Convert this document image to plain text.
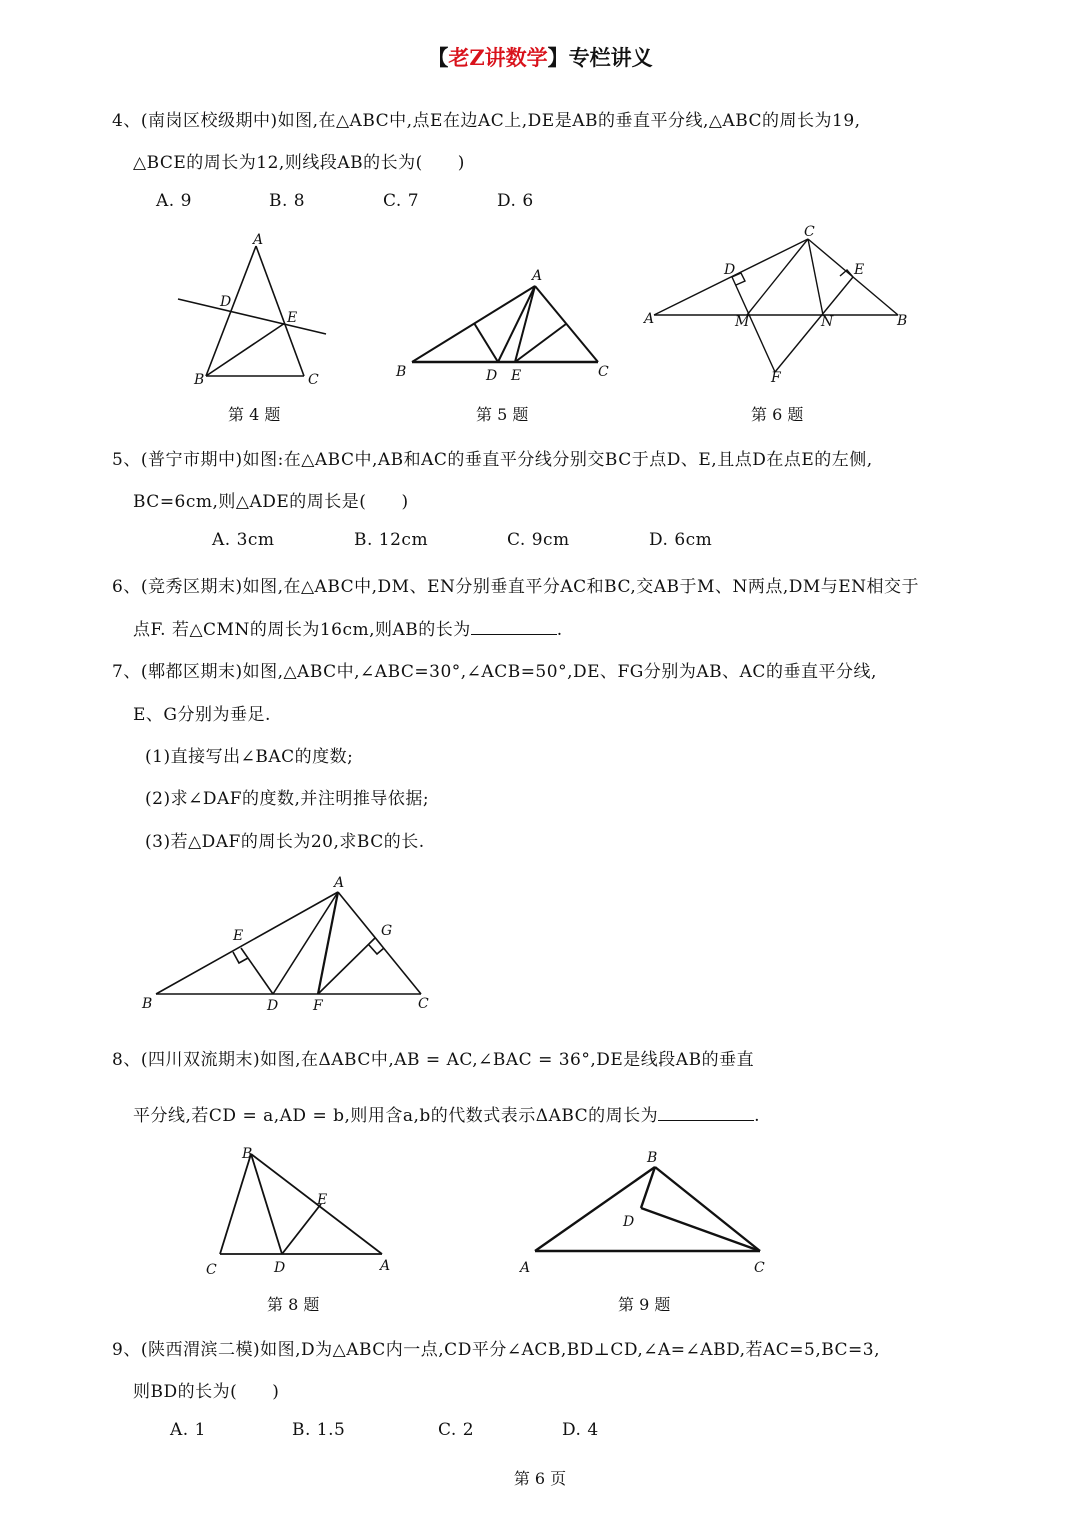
【老Z讲数学】专栏讲义
4、(南岗区校级期中)如图,在△ABC中,点E在边AC上,DE是AB的垂直平分线,△ABC的周长为19,
△BCE的周长为12,则线段AB的长为(　　)
A. 9	B. 8	C. 7	D. 6
A
D
E
B	C
第 4 题
A
B	D E	C
第 5 题
C
D	E
A	M	N	B
F
第 6 题
5、(普宁市期中)如图:在△ABC中,AB和AC的垂直平分线分别交BC于点D、E,且点D在点E的左侧,
BC=6cm,则△ADE的周长是(　　)
A. 3cm	B. 12cm	C. 9cm	D. 6cm
6、(竞秀区期末)如图,在△ABC中,DM、EN分别垂直平分AC和BC,交AB于M、N两点,DM与EN相交于
点F. 若△CMN的周长为16cm,则AB的长为	.
7、(郫都区期末)如图,△ABC中,∠ABC=30°,∠ACB=50°,DE、FG分别为AB、AC的垂直平分线,
E、G分别为垂足.
(1)直接写出∠BAC的度数;
(2)求∠DAF的度数,并注明推导依据;
(3)若△DAF的周长为20,求BC的长.
A
E	G
B	D F	C
8、(四川双流期末)如图,在ΔABC中,AB = AC,∠BAC = 36°,DE是线段AB的垂直
平分线,若CD = a,AD = b,则用含a,b的代数式表示ΔABC的周长为	.
B
E
C	D	A
第 8 题
B
D
A	C
第 9 题
9、(陕西渭滨二模)如图,D为△ABC内一点,CD平分∠ACB,BD⊥CD,∠A=∠ABD,若AC=5,BC=3,
则BD的长为(　　)
A. 1	B. 1.5	C. 2	D. 4
第 6 页
